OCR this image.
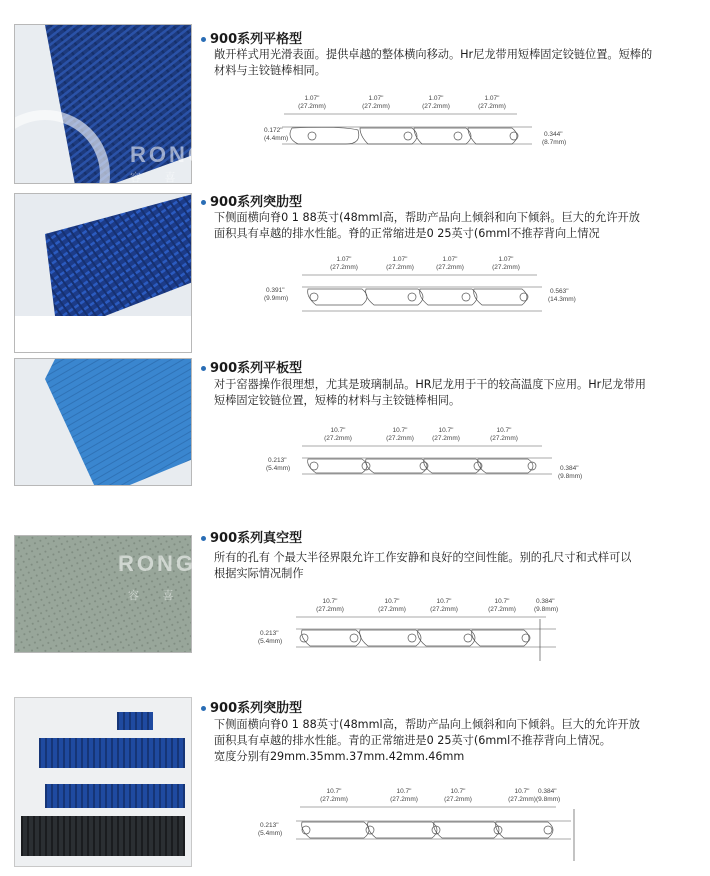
RONGXI
容 喜 输 送 设 备
900系列平格型
敞开样式用光滑表面。提供卓越的整体横向移动。Hr尼龙带用短棒固定铰链位置。短棒的
材料与主铰链棒相同。
1.07"
(27.2mm)
1.07"
(27.2mm)
1.07"
(27.2mm)
1.07"
(27.2mm)
0.172"
(4.4mm)
0.344"
(8.7mm)
900系列突肋型
下侧面横向脊0 1 88英寸(48mml高，帮助产品向上倾斜和向下倾斜。巨大的允许开放
面积具有卓越的排水性能。脊的正常缩进是0 25英寸(6mml不推荐背向上情况
1.07"
(27.2mm)
1.07"
(27.2mm)
1.07"
(27.2mm)
1.07"
(27.2mm)
0.391"
(9.9mm)
0.563"
(14.3mm)
900系列平板型
对于窑器操作很理想，尤其是玻璃制品。HR尼龙用于干的较高温度下应用。Hr尼龙带用
短棒固定铰链位置，短棒的材料与主铰链棒相同。
10.7"
(27.2mm)
10.7"
(27.2mm)
10.7"
(27.2mm)
10.7"
(27.2mm)
0.213"
(5.4mm)	0.384"
(9.8mm)
RONGXI
容 喜 输 送 设 备
900系列真空型
所有的孔有 个最大半径界限允许工作安静和良好的空间性能。别的孔尺寸和式样可以
根据实际情况制作
10.7"
(27.2mm)
10.7"
(27.2mm)
10.7"
(27.2mm)
10.7"
(27.2mm)
0.384"
(9.8mm)
0.213"
(5.4mm)
900系列突肋型
下侧面横向脊0 1 88英寸(48mml高，帮助产品向上倾斜和向下倾斜。巨大的允许开放
面积具有卓越的排水性能。青的正常缩进是0 25英寸(6mml不推荐背向上情况。
宽度分别有29mm.35mm.37mm.42mm.46mm
10.7"
(27.2mm)
10.7"
(27.2mm)
10.7"
(27.2mm)
10.7"
(27.2mm)
0.384"
(9.8mm)
0.213"
(5.4mm)
